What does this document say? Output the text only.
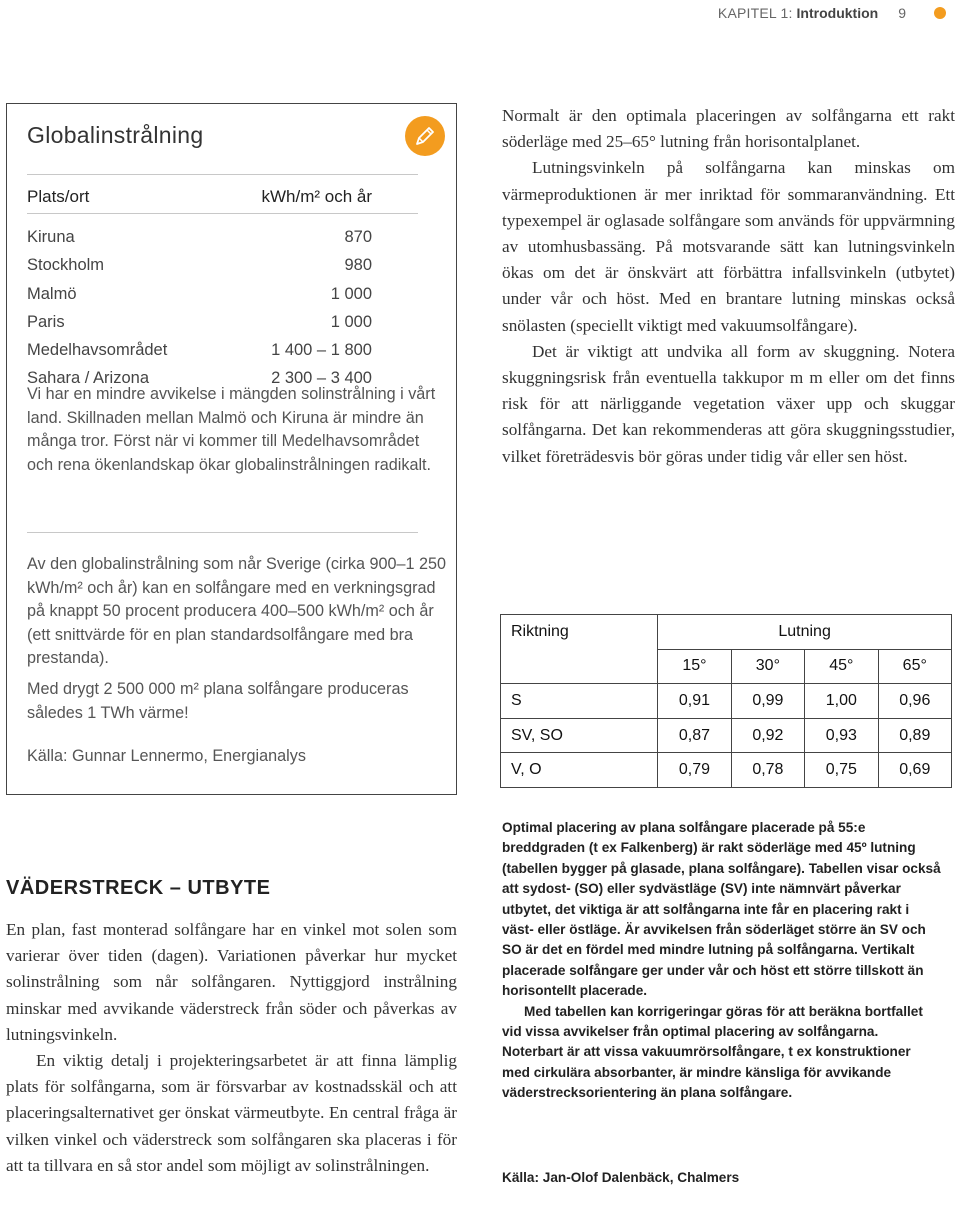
KAPITEL 1: Introduktion 9
Globalinstrålning
Plats/ort	kWh/m² och år
Kiruna	870
Stockholm	980
Malmö	1 000
Paris	1 000
Medelhavsområdet	1 400 – 1 800
Sahara / Arizona	2 300 – 3 400

Vi har en mindre avvikelse i mängden solinstrålning i vårt land. Skillnaden mellan Malmö och Kiruna är mindre än många tror. Först när vi kommer till Medelhavsområdet och rena ökenlandskap ökar globalinstrålningen radikalt.

Av den globalinstrålning som når Sverige (cirka 900–1 250 kWh/m² och år) kan en solfångare med en verkningsgrad på knappt 50 procent producera 400–500 kWh/m² och år (ett snittvärde för en plan standardsolfångare med bra prestanda).

Med drygt 2 500 000 m² plana solfångare produceras således 1 TWh värme!

Källa: Gunnar Lennermo, Energianalys

Normalt är den optimala placeringen av solfångarna ett rakt söderläge med 25–65° lutning från horisontalplanet.

Lutningsvinkeln på solfångarna kan minskas om värmeproduktionen är mer inriktad för sommaranvändning. Ett typexempel är oglasade solfångare som används för uppvärmning av utomhusbassäng. På motsvarande sätt kan lutningsvinkeln ökas om det är önskvärt att förbättra infallsvinkeln (utbytet) under vår och höst. Med en brantare lutning minskas också snölasten (speciellt viktigt med vakuumsolfångare).

Det är viktigt att undvika all form av skuggning. Notera skuggningsrisk från eventuella takkupor m m eller om det finns risk för att närliggande vegetation växer upp och skuggar solfångarna. Det kan rekommenderas att göra skuggningsstudier, vilket företrädesvis bör göras under tidig vår eller sen höst.

Riktning	Lutning			
	15°	30°	45°	65°
S	0,91	0,99	1,00	0,96
SV, SO	0,87	0,92	0,93	0,89
V, O	0,79	0,78	0,75	0,69

Optimal placering av plana solfångare placerade på 55:e breddgraden (t ex Falkenberg) är rakt söderläge med 45º lutning (tabellen bygger på glasade, plana solfångare). Tabellen visar också att sydost- (SO) eller sydvästläge (SV) inte nämnvärt påverkar utbytet, det viktiga är att solfångarna inte får en placering rakt i väst- eller östläge. Är avvikelsen från söderläget större än SV och SO är det en fördel med mindre lutning på solfångarna. Vertikalt placerade solfångare ger under vår och höst ett större tillskott än horisontellt placerade.

Med tabellen kan korrigeringar göras för att beräkna bortfallet vid vissa avvikelser från optimal placering av solfångarna. Noterbart är att vissa vakuumrörsolfångare, t ex konstruktioner med cirkulära absorbanter, är mindre känsliga för avvikande väderstrecksorientering än plana solfångare.

Källa: Jan-Olof Dalenbäck, Chalmers
VÄDERSTRECK – UTBYTE

En plan, fast monterad solfångare har en vinkel mot solen som varierar över tiden (dagen). Variationen påverkar hur mycket solinstrålning som når solfångaren. Nyttiggjord instrålning minskar med avvikande väderstreck från söder och påverkas av lutningsvinkeln.

En viktig detalj i projekteringsarbetet är att finna lämplig plats för solfångarna, som är försvarbar av kostnadsskäl och att placeringsalternativet ger önskat värmeutbyte. En central fråga är vilken vinkel och väderstreck som solfångaren ska placeras i för att ta tillvara en så stor andel som möjligt av solinstrålningen.
